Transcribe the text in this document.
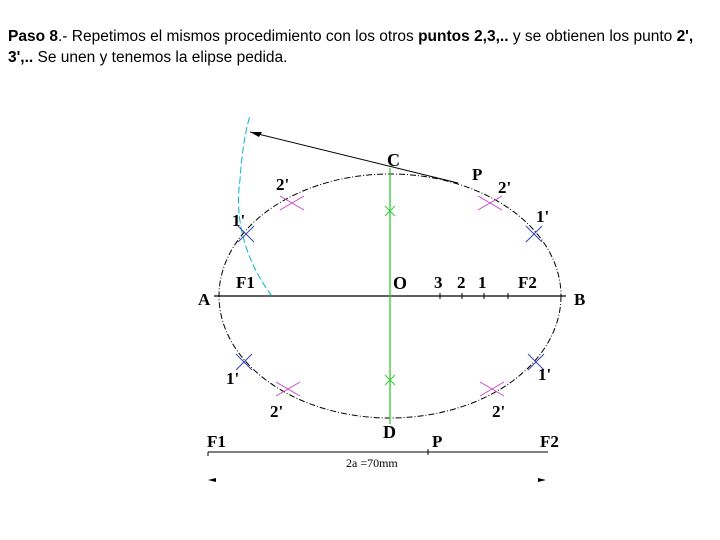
Paso 8.- Repetimos el mismos procedimiento con los otros puntos 2,3,.. y se obtienen los punto 2', 3',.. Se unen y tenemos la elipse pedida.
C
P
O
A	B
D
F1	F2
3 2 1
2'
1'
2'
1'
1'
2'
1'
2'
F1	P	F2
2a =70mm
